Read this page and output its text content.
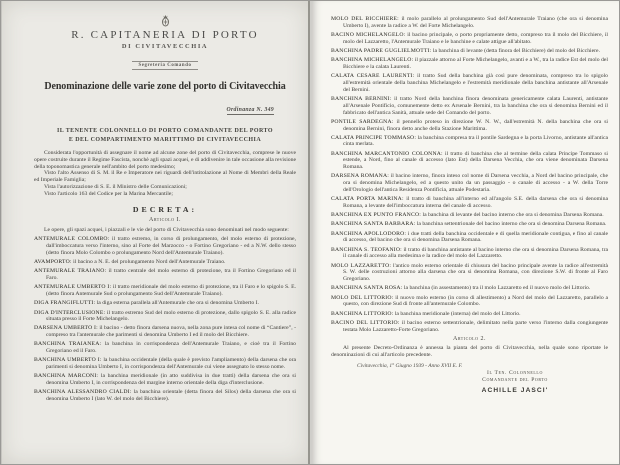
R. CAPITANERIA DI PORTO
DI CIVITAVECCHIA
Segreteria Comando
Denominazione delle varie zone del porto di Civitavecchia
Ordinanza N. 349
IL TENENTE COLONNELLO DI PORTO COMANDANTE DEL PORTO
E DEL COMPARTIMENTO MARITTIMO DI CIVITAVECCHIA

Considerata l'opportunità di assegnare il nome ad alcune zone del porto di Civitavecchia, comprese le nuove opere costruite durante il Regime Fascista, nonchè agli spazi acquei, e di addivenire in tale occasione alla revisione della toponomastica generale nell'ambito del porto medesimo;

Visto l'alto Assenso di S. M. il Re e Imperatore nei riguardi dell'intitolazione al Nome di Membri della Reale ed Imperiale Famiglia;

Vista l'autorizzazione di S. E. il Ministro delle Comunicazioni;

Visto l'articolo 163 del Codice per la Marina Mercantile;

DECRETA:
Articolo I.

Le opere, gli spazi acquei, i piazzali e le vie del porto di Civitavecchia sono denominati nel modo seguente:

ANTEMURALE COLOMBO: il tratto estremo, in corso di prolungamento, del molo esterno di protezione, dall'imboccatura verso l'interno, sino al Forte del Marzocco - o Fortino Gregoriano - ed a N.W. dello stesso (detto finora Molo Colombo o prolungamento Nord dell'Antemurale Traiano).

AVAMPORTO: il bacino a N. E. del prolungamento Nord dell'Antemurale Traiano.

ANTEMURALE TRAIANO: il tratto centrale del molo esterno di protezione, tra il Fortino Gregoriano ed il Faro.

ANTEMURALE UMBERTO I: il tratto meridionale del molo esterno di protezione, tra il Faro e lo spigolo S. E. (detto finora Antemurale Sud o prolungamento Sud dell'Antemurale Traiano).

DIGA FRANGIFLUTTI: la diga esterna parallela all'Antemurale che ora si denomina Umberto I.

DIGA D'INTERCLUSIONE: il tratto estremo Sud del molo esterno di protezione, dallo spigolo S. E. alla radice situata presso il Forte Michelangelo.

DARSENA UMBERTO I: il bacino - detto finora darsena nuova, nella zona pure intesa col nome di “Cantiere”, - compreso tra l'antemurale che parimenti si denomina Umberto I ed il molo del Bicchiere.

BANCHINA TRAIANEA: la banchina in corrispondenza dell'Antemurale Traiano, e cioè tra il Fortino Gregoriano ed il Faro.

BANCHINA UMBERTO I: la banchina occidentale (della quale è previsto l'ampliamento) della darsena che ora parimenti si denomina Umberto I, in corrispondenza dell'Antemurale cui viene assegnato lo stesso nome.

BANCHINA MARCONI: la banchina meridionale (in atto suddivisa in due tratti) della darsena che ora si denomina Umberto I, in corrispondenza del margine interno orientale della diga d'interclusione.

BANCHINA ALESSANDRO CIALDI: la banchina orientale (detta finora del Silos) della darsena che ora si denomina Umberto I (lato W. del molo del Bicchiere).

MOLO DEL BICCHIERE: il molo parallelo al prolungamento Sud dell'Antemurale Traiano (che ora si denomina Umberto I), avente la radice a W. del Forte Michelangelo.

BACINO MICHELANGELO: il bacino principale, o porto propriamente detto, compreso tra il molo del Bicchiere, il molo del Lazzaretto, l'Antemurale Traiano e le banchine e calate attigue all'abitato.

BANCHINA PADRE GUGLIELMOTTI: la banchina di levante (detta finora del Bicchiere) del molo del Bicchiere.

BANCHINA MICHELANGELO: il piazzale attorno al Forte Michelangelo, avanti e a W., tra la radice Est del molo del Bicchiere e la calata Laurenti.

CALATA CESARE LAURENTI: il tratto Sud della banchina già così pure denominata, compreso tra lo spigolo all'estremità orientale della banchina Michelangelo e l'estremità meridionale della banchina antistante all'Arsenale del Bernini.

BANCHINA BERNINI: il tratto Nord della banchina finora denominata genericamente calata Laurenti, antistante all'Arsenale Pontificio, comunemente detto ex Arsenale Bernini, tra la banchina che ora si denomina Bernini ed il fabbricato dell'antica Sanità, attuale sede del Comando del porto.

PONTILE SARDEGNA: il pennello proteso in direzione W. N. W., dall'estremità N. della banchina che ora si denomina Bernini, finora detto anche della Stazione Marittima.

CALATA PRINCIPE TOMMASO: la banchina compresa tra il pontile Sardegna e la porta Livorno, antistante all'antica cinta merlata.

BANCHINA MARCANTONIO COLONNA: il tratto di banchina che al termine della calata Principe Tommaso si estende, a Nord, fino al canale di accesso (lato Est) della Darsena Vecchia, che ora viene denominata Darsena Romana.

DARSENA ROMANA: il bacino interno, finora inteso col nome di Darsena vecchia, a Nord del bacino principale, che ora si denomina Michelangelo, ed a questo unito da un passaggio - o canale di accesso - a W. della Torre dell'Orologio dell'antica Residenza Pontificia, attuale Podestaria.

CALATA PORTA MARINA: il tratto di banchina all'interno ed all'angolo S.E. della darsena che ora si denomina Romana, a levante dell'imboccatura interna del canale di accesso.

BANCHINA EX PUNTO FRANCO: la banchina di levante del bacino interno che ora si denomina Darsena Romana.

BANCHINA SANTA BARBARA: la banchina settentrionale del bacino interno che ora si denomina Darsena Romana.

BANCHINA APOLLODORO: i due tratti della banchina occidentale e di quella meridionale contigua, e fino al canale di accesso, del bacino che ora si denomina Darsena Romana.

BANCHINA S. TEOFANIO: il tratto di banchina antistante al bacino interno che ora si denomina Darsena Romana, tra il canale di accesso alla medesima e la radice del molo del Lazzaretto.

MOLO LAZZARETTO: l'antico molo esterno orientale di chiusura del bacino principale avente la radice all'estremità S. W. delle costruzioni attorno alla darsena che ora si denomina Romana, con direzione S.W. di fronte al Faro Gregoriano.

BANCHINA SANTA ROSA: la banchina (in assestamento) tra il molo Lazzaretto ed il nuovo molo del Littorio.

MOLO DEL LITTORIO: il nuovo molo esterno (in corso di allestimento) a Nord del molo del Lazzaretto, parallelo a questo, con direzione Sud di fronte all'antemurale Colombo.

BANCHINA LITTORIO: la banchina meridionale (interna) del molo del Littorio.

BACINO DEL LITTORIO: il bacino esterno settentrionale, delimitato nella parte verso l'interno dalla congiungente testata Molo Lazzaretto-Forte Gregoriano.

Articolo 2.

Al presente Decreto-Ordinanza è annessa la pianta del porto di Civitavecchia, nella quale sono riportate le denominazioni di cui all'articolo precedente.

Civitavecchia, 1° Giugno 1939 - Anno XVII E. F.
Il Ten. Colonnello
Comandante del Porto
ACHILLE JASCI'
